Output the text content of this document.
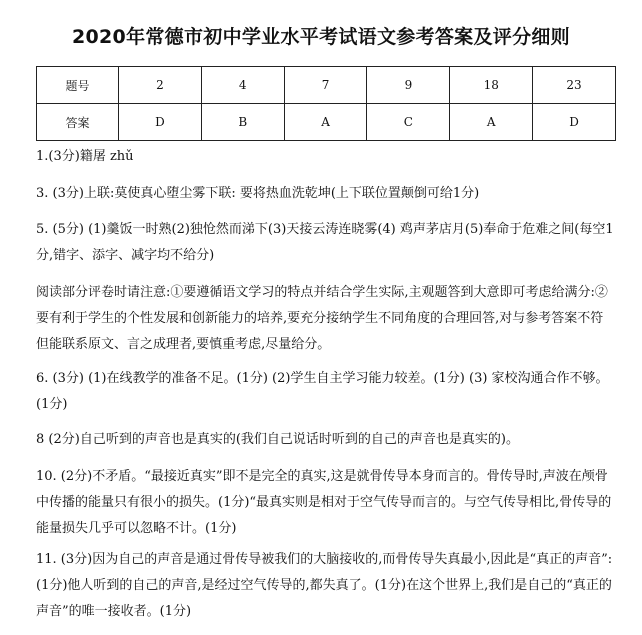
2020年常德市初中学业水平考试语文参考答案及评分细则
题号	2	4	7	9	18	23
答案	D	B	A	C	A	D
1.(3分)籍屠 zhǔ
3. (3分)上联:莫使真心堕尘雾下联: 要将热血洗乾坤(上下联位置颠倒可给1分)
5. (5分) (1)羹饭一时熟(2)独怆然而涕下(3)天接云涛连晓雾(4) 鸡声茅店月(5)奉命于危难之间(每空1分,错字、添字、减字均不给分)
阅读部分评卷时请注意:①要遵循语文学习的特点并结合学生实际,主观题答到大意即可考虑给满分:②要有利于学生的个性发展和创新能力的培养,要充分接纳学生不同角度的合理回答,对与参考答案不符但能联系原文、言之成理者,要慎重考虑,尽量给分。
6. (3分) (1)在线教学的准备不足。(1分) (2)学生自主学习能力较差。(1分) (3) 家校沟通合作不够。(1分)
8 (2分)自己听到的声音也是真实的(我们自己说话时听到的自己的声音也是真实的)。
10. (2分)不矛盾。“最接近真实”即不是完全的真实,这是就骨传导本身而言的。骨传导时,声波在颅骨中传播的能量只有很小的损失。(1分)“最真实则是相对于空气传导而言的。与空气传导相比,骨传导的能量损失几乎可以忽略不计。(1分)
11. (3分)因为自己的声音是通过骨传导被我们的大脑接收的,而骨传导失真最小,因此是“真正的声音”:(1分)他人听到的自己的声音,是经过空气传导的,都失真了。(1分)在这个世界上,我们是自己的“真正的声音”的唯一接收者。(1分)
